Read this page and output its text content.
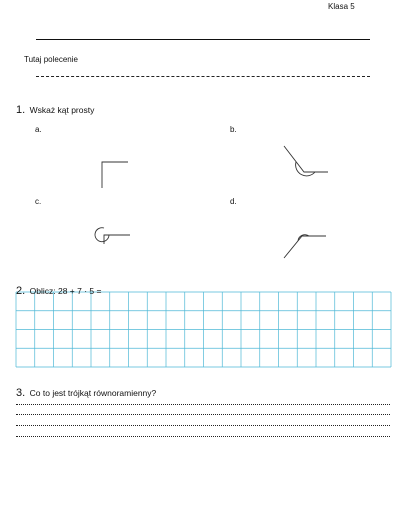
Klasa 5
Tutaj polecenie
1. Wskaż kąt prosty
a.	b.
c.	d.
2. Oblicz: 28 + 7 · 5 =
3. Co to jest trójkąt równoramienny?
